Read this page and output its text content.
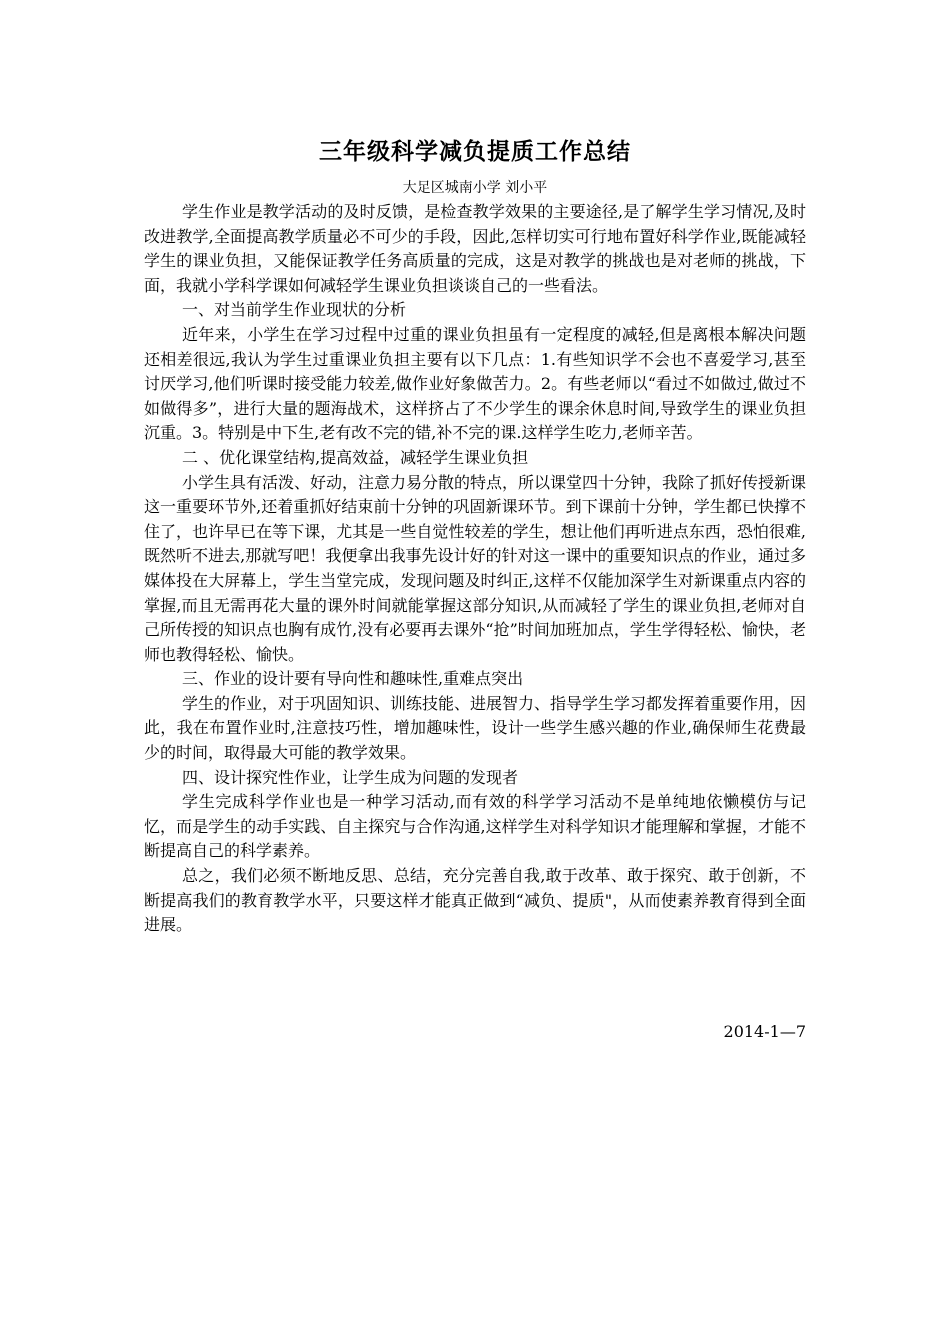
三年级科学减负提质工作总结
大足区城南小学 刘小平

学生作业是教学活动的及时反馈，是检查教学效果的主要途径,是了解学生学习情况,及时改进教学,全面提高教学质量必不可少的手段，因此,怎样切实可行地布置好科学作业,既能减轻学生的课业负担，又能保证教学任务高质量的完成，这是对教学的挑战也是对老师的挑战，下面，我就小学科学课如何减轻学生课业负担谈谈自己的一些看法。

一、对当前学生作业现状的分析

近年来，小学生在学习过程中过重的课业负担虽有一定程度的减轻,但是离根本解决问题还相差很远,我认为学生过重课业负担主要有以下几点：1.有些知识学不会也不喜爱学习,甚至讨厌学习,他们听课时接受能力较差,做作业好象做苦力。2。有些老师以“看过不如做过,做过不如做得多”，进行大量的题海战术，这样挤占了不少学生的课余休息时间,导致学生的课业负担沉重。3。特别是中下生,老有改不完的错,补不完的课.这样学生吃力,老师辛苦。

二 、优化课堂结构,提高效益，减轻学生课业负担

小学生具有活泼、好动，注意力易分散的特点，所以课堂四十分钟，我除了抓好传授新课这一重要环节外,还着重抓好结束前十分钟的巩固新课环节。到下课前十分钟，学生都已快撑不住了，也许早已在等下课，尤其是一些自觉性较差的学生，想让他们再听进点东西，恐怕很难,既然听不进去,那就写吧！我便拿出我事先设计好的针对这一课中的重要知识点的作业，通过多媒体投在大屏幕上，学生当堂完成，发现问题及时纠正,这样不仅能加深学生对新课重点内容的掌握,而且无需再花大量的课外时间就能掌握这部分知识,从而减轻了学生的课业负担,老师对自己所传授的知识点也胸有成竹,没有必要再去课外“抢”时间加班加点，学生学得轻松、愉快，老师也教得轻松、愉快。

三、作业的设计要有导向性和趣味性,重难点突出

学生的作业，对于巩固知识、训练技能、进展智力、指导学生学习都发挥着重要作用，因此，我在布置作业时,注意技巧性，增加趣味性，设计一些学生感兴趣的作业,确保师生花费最少的时间，取得最大可能的教学效果。

四、设计探究性作业，让学生成为问题的发现者

学生完成科学作业也是一种学习活动,而有效的科学学习活动不是单纯地依懒模仿与记忆，而是学生的动手实践、自主探究与合作沟通,这样学生对科学知识才能理解和掌握，才能不断提高自己的科学素养。

总之，我们必须不断地反思、总结，充分完善自我,敢于改革、敢于探究、敢于创新，不断提高我们的教育教学水平，只要这样才能真正做到“减负、提质"，从而使素养教育得到全面进展。

2014-1—7
